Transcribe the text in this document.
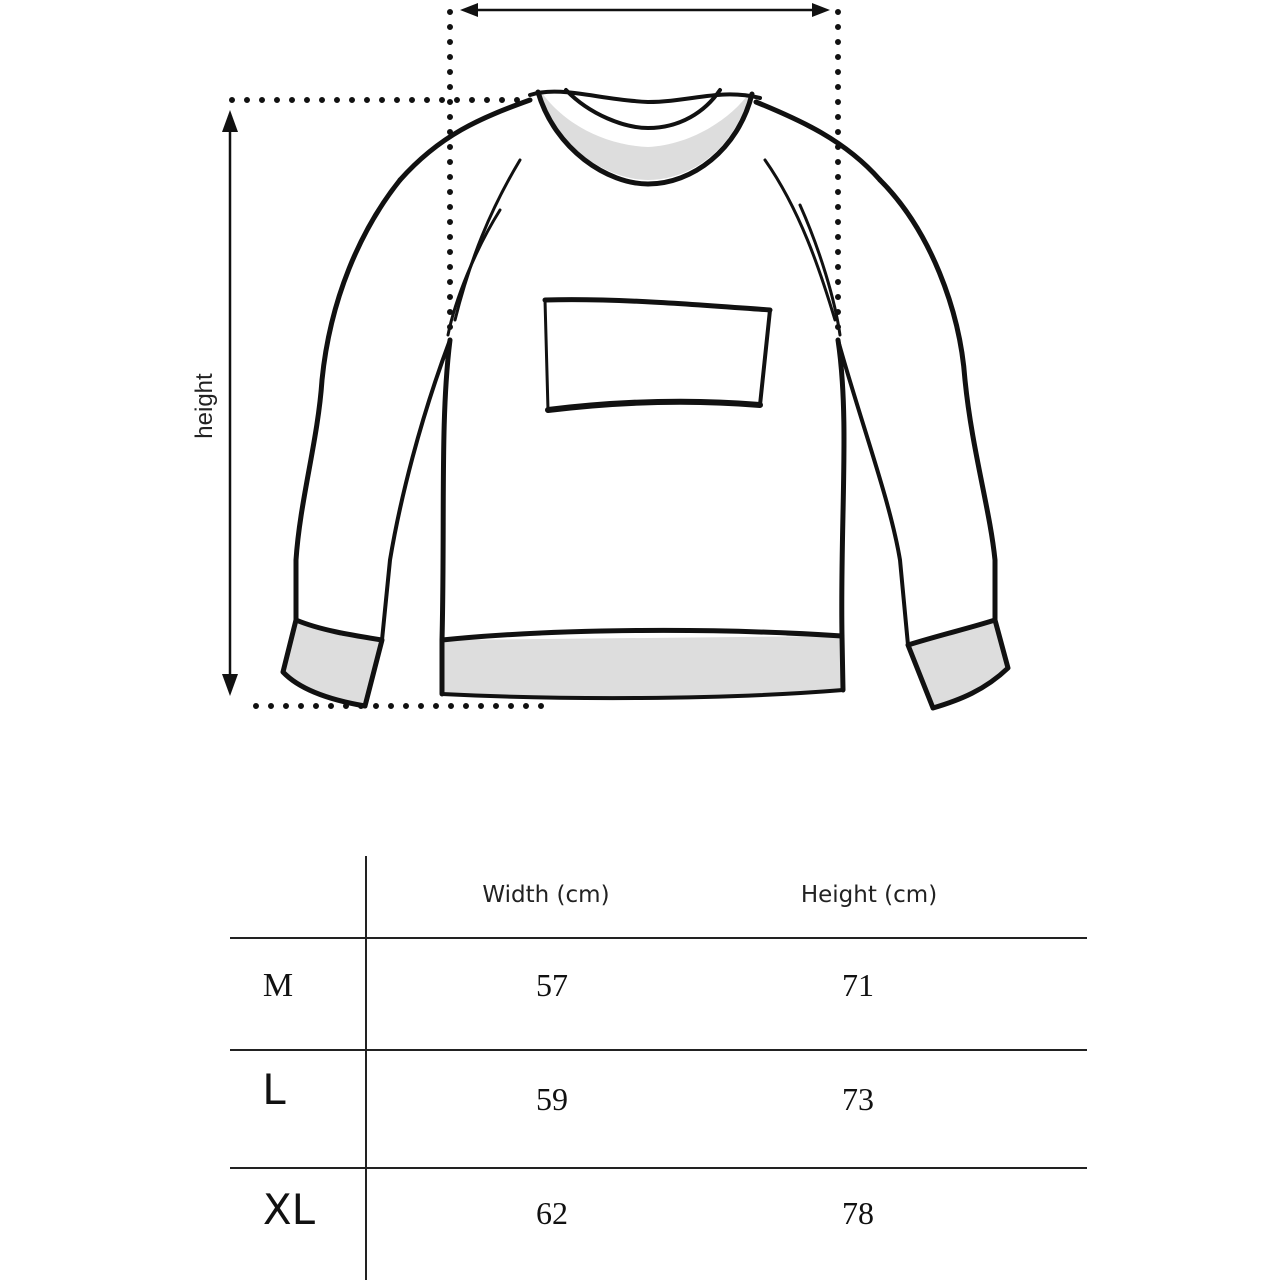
height
Width (cm)	Height (cm)
M	57	71
L	59	73
XL	62	78
